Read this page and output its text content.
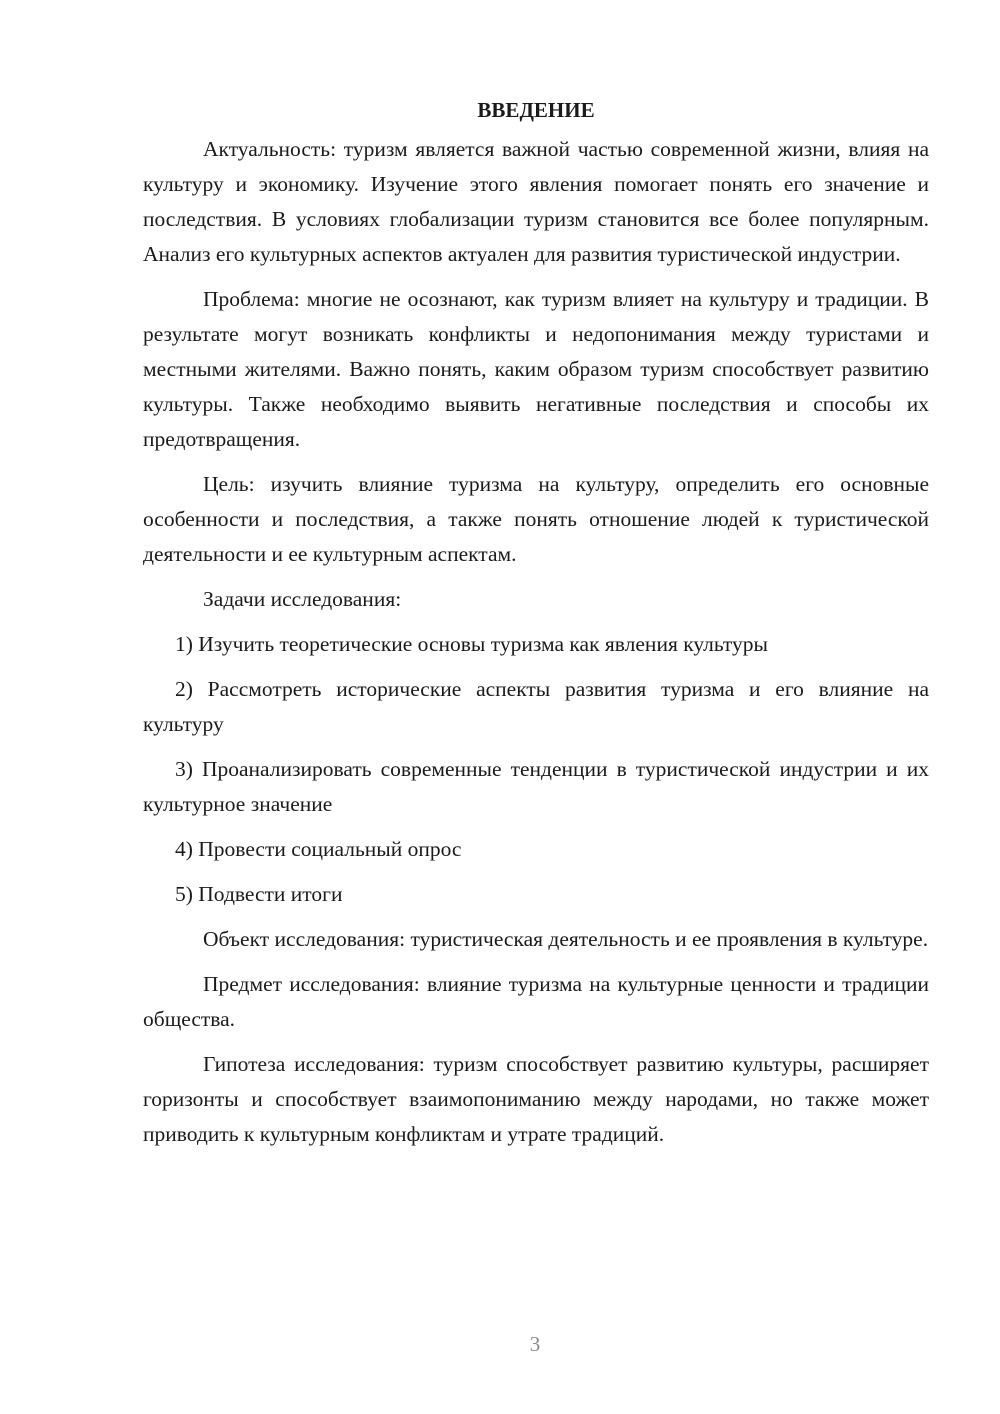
ВВЕДЕНИЕ

Актуальность: туризм является важной частью современной жизни, влияя на культуру и экономику. Изучение этого явления помогает понять его значение и последствия. В условиях глобализации туризм становится все более популярным. Анализ его культурных аспектов актуален для развития туристической индустрии.

Проблема: многие не осознают, как туризм влияет на культуру и традиции. В результате могут возникать конфликты и недопонимания между туристами и местными жителями. Важно понять, каким образом туризм способствует развитию культуры. Также необходимо выявить негативные последствия и способы их предотвращения.

Цель: изучить влияние туризма на культуру, определить его основные особенности и последствия, а также понять отношение людей к туристической деятельности и ее культурным аспектам.

Задачи исследования:

1) Изучить теоретические основы туризма как явления культуры

2) Рассмотреть исторические аспекты развития туризма и его влияние на культуру

3) Проанализировать современные тенденции в туристической индустрии и их культурное значение

4) Провести социальный опрос

5) Подвести итоги

Объект исследования: туристическая деятельность и ее проявления в культуре.

Предмет исследования: влияние туризма на культурные ценности и традиции общества.

Гипотеза исследования: туризм способствует развитию культуры, расширяет горизонты и способствует взаимопониманию между народами, но также может приводить к культурным конфликтам и утрате традиций.

3
